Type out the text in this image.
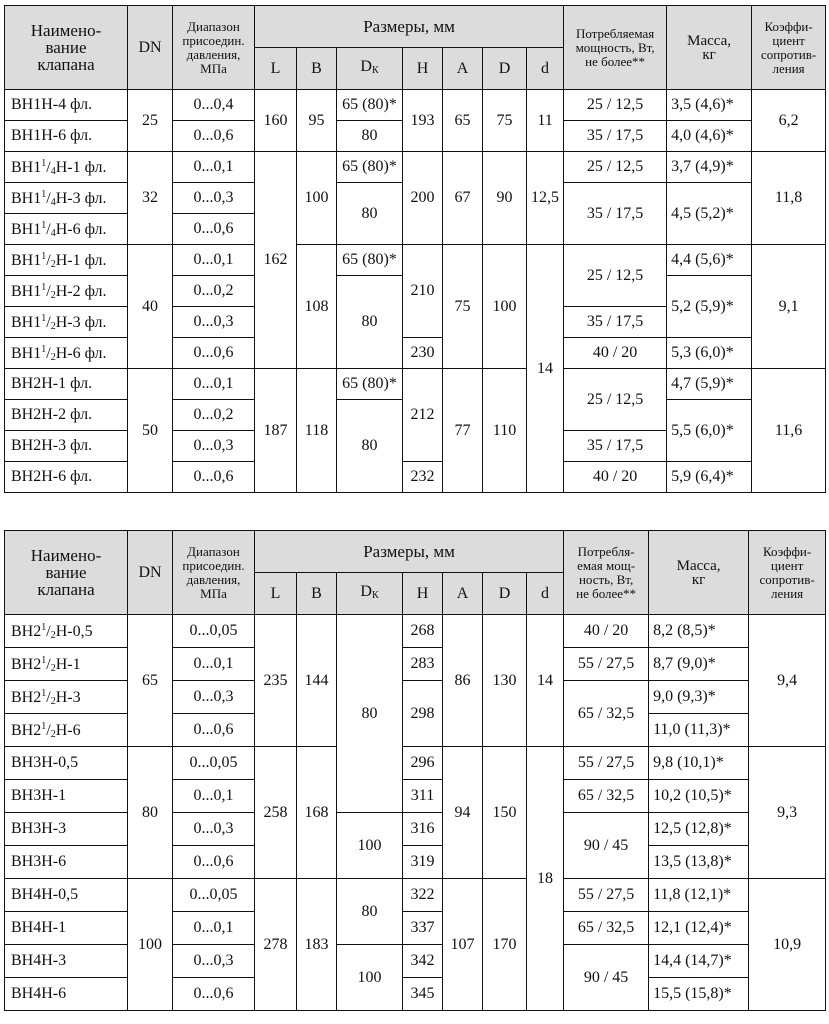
Наимено-
вание
клапана	DN	Диапазон
присоедин.
давления,
МПа	Размеры, мм							Потребляемая
мощность, Вт,
не более**	Масса,
кг	Коэффи-
циент
сопротив-
ления
			L	B	DК	H	A	D	d			
ВН1Н-4 фл.	25	0...0,4	160	95	65 (80)*	193	65	75	11	25 / 12,5	3,5 (4,6)*	6,2
ВН1Н-6 фл.		0...0,6			80					35 / 17,5	4,0 (4,6)*	
$ВН1^1/4Н-1$ фл.	32	0...0,1	162	100	65 (80)*	200	67	90	12,5	25 / 12,5	3,7 (4,9)*	11,8
$ВН1^1/4Н-3$ фл.		0...0,3			80					35 / 17,5	4,5 (5,2)*	
$ВН1^1/4Н-6$ фл.		0...0,6										
$ВН1^1/2Н-1$ фл.	40	0...0,1		108	65 (80)*	210	75	100	14	25 / 12,5	4,4 (5,6)*	9,1
$ВН1^1/2Н-2$ фл.		0...0,2			80						5,2 (5,9)*	
$ВН1^1/2Н-3$ фл.		0...0,3								35 / 17,5		
$ВН1^1/2Н-6$ фл.		0...0,6				230				40 / 20	5,3 (6,0)*	
ВН2Н-1 фл.	50	0...0,1	187	118	65 (80)*	212	77	110		25 / 12,5	4,7 (5,9)*	11,6
ВН2Н-2 фл.		0...0,2			80						5,5 (6,0)*	
ВН2Н-3 фл.		0...0,3								35 / 17,5		
ВН2Н-6 фл.		0...0,6				232				40 / 20	5,9 (6,4)*	
Наимено-
вание
клапана	DN	Диапазон
присоедин.
давления,
МПа	Размеры, мм							Потребля-
емая мощ-
ность, Вт,
не более**	Масса,
кг	Коэффи-
циент
сопротив-
ления
			L	B	DК	H	A	D	d			
$ВН2^1/2Н-0,5$	65	0...0,05	235	144	80	268	86	130	14	40 / 20	8,2 (8,5)*	9,4
$ВН2^1/2Н-1$		0...0,1				283				55 / 27,5	8,7 (9,0)*	
$ВН2^1/2Н-3$		0...0,3				298				65 / 32,5	9,0 (9,3)*	
$ВН2^1/2Н-6$		0...0,6									11,0 (11,3)*	
ВН3Н-0,5	80	0...0,05	258	168		296	94	150	18	55 / 27,5	9,8 (10,1)*	9,3
ВН3Н-1		0...0,1				311				65 / 32,5	10,2 (10,5)*	
ВН3Н-3		0...0,3			100	316				90 / 45	12,5 (12,8)*	
ВН3Н-6		0...0,6				319					13,5 (13,8)*	
ВН4Н-0,5	100	0...0,05	278	183	80	322	107	170		55 / 27,5	11,8 (12,1)*	10,9
ВН4Н-1		0...0,1				337				65 / 32,5	12,1 (12,4)*	
ВН4Н-3		0...0,3			100	342				90 / 45	14,4 (14,7)*	
ВН4Н-6		0...0,6				345					15,5 (15,8)*	
